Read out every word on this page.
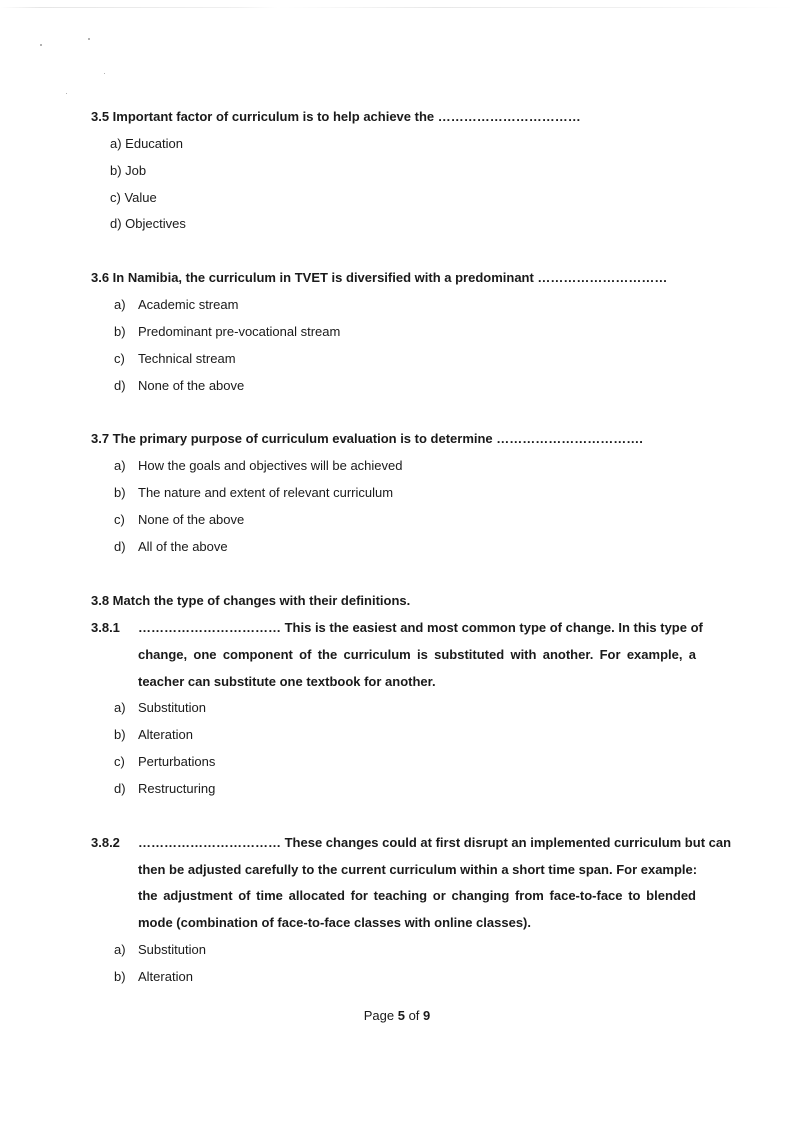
3.5 Important factor of curriculum is to help achieve the ……………………………
a) Education
b) Job
c) Value
d) Objectives
3.6 In Namibia, the curriculum in TVET is diversified with a predominant …………………………
a) Academic stream
b) Predominant pre-vocational stream
c) Technical stream
d) None of the above
3.7 The primary purpose of curriculum evaluation is to determine …………………………….
a) How the goals and objectives will be achieved
b) The nature and extent of relevant curriculum
c) None of the above
d) All of the above
3.8 Match the type of changes with their definitions.
3.8.1 …………………………… This is the easiest and most common type of change. In this type of
change, one component of the curriculum is substituted with another. For example, a
teacher can substitute one textbook for another.
a) Substitution
b) Alteration
c) Perturbations
d) Restructuring
3.8.2 …………………………… These changes could at first disrupt an implemented curriculum but can
then be adjusted carefully to the current curriculum within a short time span. For example:
the adjustment of time allocated for teaching or changing from face-to-face to blended
mode (combination of face-to-face classes with online classes).
a) Substitution
b) Alteration
Page 5 of 9
